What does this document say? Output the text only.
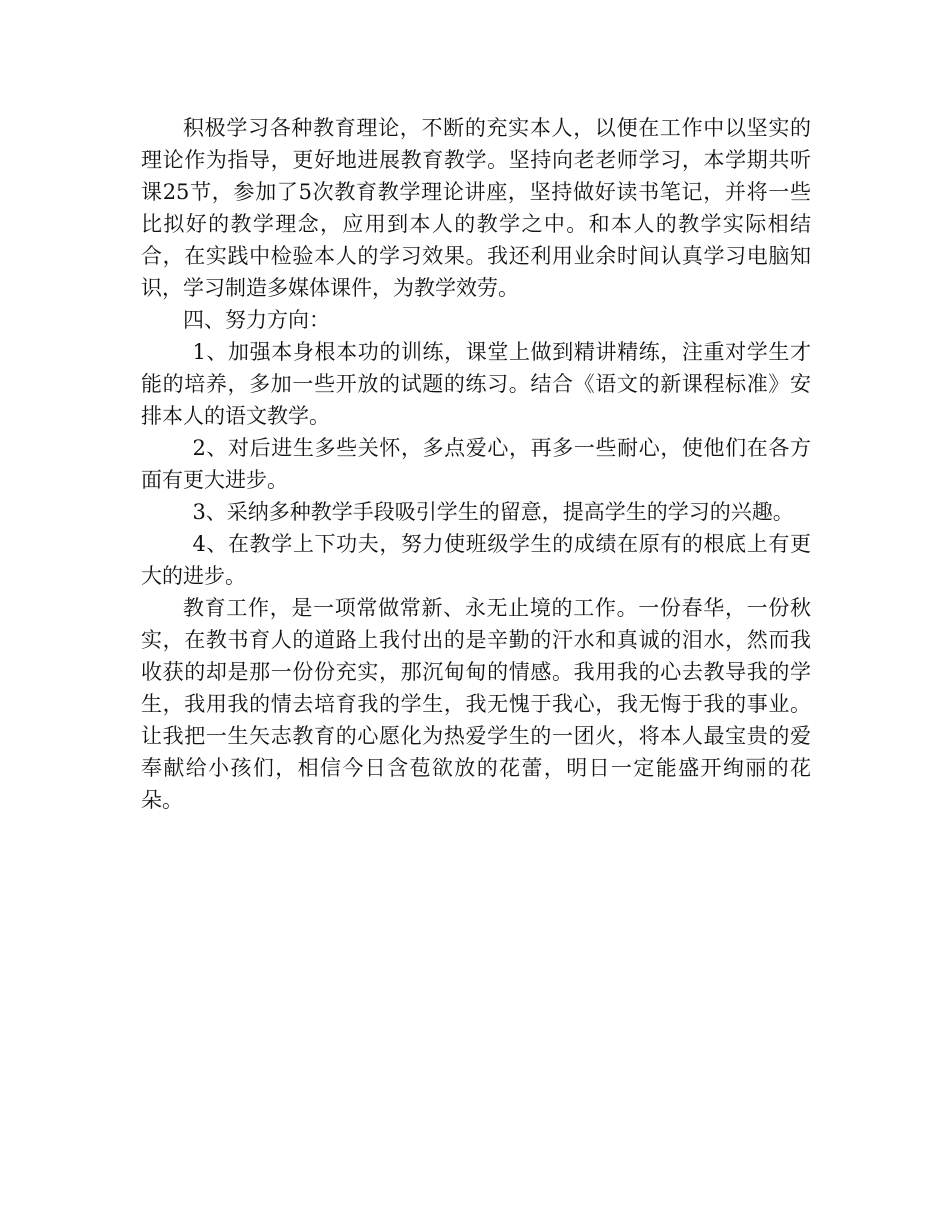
积极学习各种教育理论，不断的充实本人，以便在工作中以坚实的理论作为指导，更好地进展教育教学。坚持向老老师学习，本学期共听课25节，参加了5次教育教学理论讲座，坚持做好读书笔记，并将一些比拟好的教学理念，应用到本人的教学之中。和本人的教学实际相结合，在实践中检验本人的学习效果。我还利用业余时间认真学习电脑知识，学习制造多媒体课件，为教学效劳。

四、努力方向：

1、加强本身根本功的训练，课堂上做到精讲精练，注重对学生才能的培养，多加一些开放的试题的练习。结合《语文的新课程标准》安排本人的语文教学。

2、对后进生多些关怀，多点爱心，再多一些耐心，使他们在各方面有更大进步。

3、采纳多种教学手段吸引学生的留意，提高学生的学习的兴趣。

4、在教学上下功夫，努力使班级学生的成绩在原有的根底上有更大的进步。

教育工作，是一项常做常新、永无止境的工作。一份春华，一份秋实，在教书育人的道路上我付出的是辛勤的汗水和真诚的泪水，然而我收获的却是那一份份充实，那沉甸甸的情感。我用我的心去教导我的学生，我用我的情去培育我的学生，我无愧于我心，我无悔于我的事业。让我把一生矢志教育的心愿化为热爱学生的一团火，将本人最宝贵的爱奉献给小孩们，相信今日含苞欲放的花蕾，明日一定能盛开绚丽的花朵。
